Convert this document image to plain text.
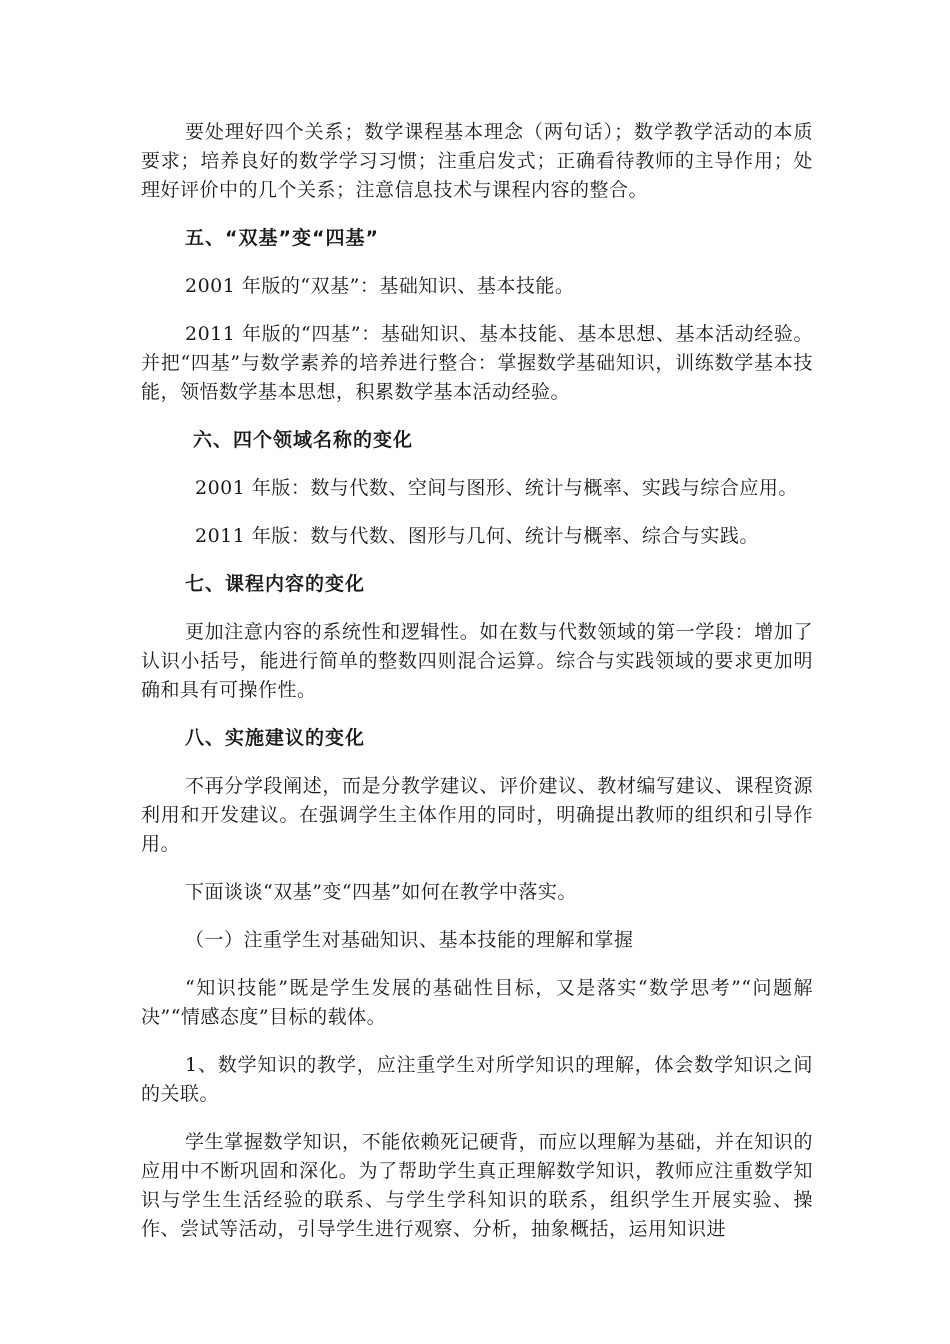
要处理好四个关系；数学课程基本理念（两句话）；数学教学活动的本质要求；培养良好的数学学习习惯；注重启发式；正确看待教师的主导作用；处理好评价中的几个关系；注意信息技术与课程内容的整合。

五、“双基”变“四基”

2001 年版的“双基”：基础知识、基本技能。

2011 年版的“四基”：基础知识、基本技能、基本思想、基本活动经验。并把“四基”与数学素养的培养进行整合：掌握数学基础知识，训练数学基本技能，领悟数学基本思想，积累数学基本活动经验。

六、四个领域名称的变化

2001 年版：数与代数、空间与图形、统计与概率、实践与综合应用。

2011 年版：数与代数、图形与几何、统计与概率、综合与实践。

七、课程内容的变化

更加注意内容的系统性和逻辑性。如在数与代数领域的第一学段：增加了认识小括号，能进行简单的整数四则混合运算。综合与实践领域的要求更加明确和具有可操作性。

八、实施建议的变化

不再分学段阐述，而是分教学建议、评价建议、教材编写建议、课程资源利用和开发建议。在强调学生主体作用的同时，明确提出教师的组织和引导作用。

下面谈谈“双基”变“四基”如何在教学中落实。

（一）注重学生对基础知识、基本技能的理解和掌握

“知识技能”既是学生发展的基础性目标，又是落实“数学思考”“问题解决”“情感态度”目标的载体。

1、数学知识的教学，应注重学生对所学知识的理解，体会数学知识之间的关联。

学生掌握数学知识，不能依赖死记硬背，而应以理解为基础，并在知识的应用中不断巩固和深化。为了帮助学生真正理解数学知识，教师应注重数学知识与学生生活经验的联系、与学生学科知识的联系，组织学生开展实验、操作、尝试等活动，引导学生进行观察、分析，抽象概括，运用知识进
